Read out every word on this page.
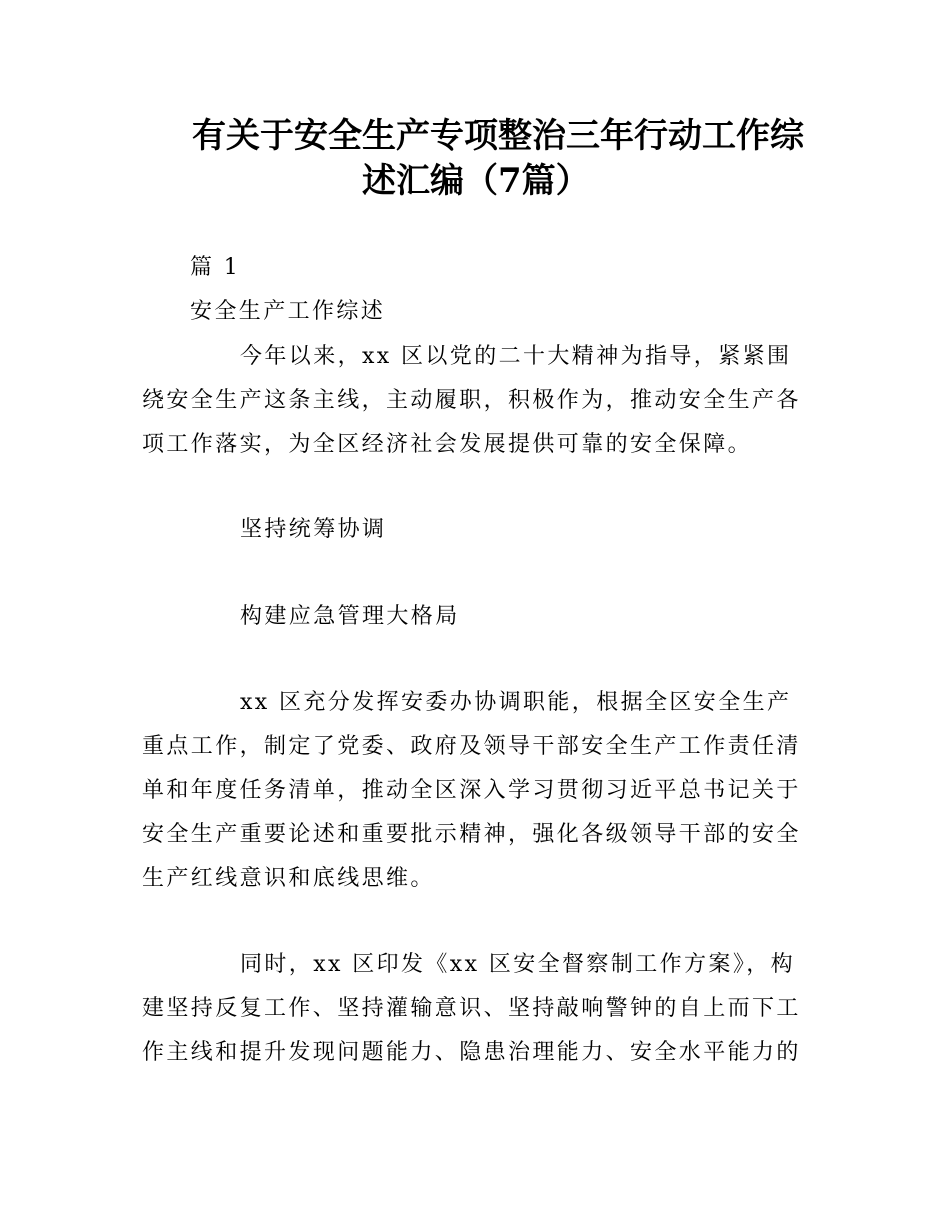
有关于安全生产专项整治三年行动工作综
述汇编（7篇）

篇 1

安全生产工作综述

今年以来，xx 区以党的二十大精神为指导，紧紧围

绕安全生产这条主线，主动履职，积极作为，推动安全生产各

项工作落实，为全区经济社会发展提供可靠的安全保障。

坚持统筹协调

构建应急管理大格局

xx 区充分发挥安委办协调职能，根据全区安全生产

重点工作，制定了党委、政府及领导干部安全生产工作责任清

单和年度任务清单，推动全区深入学习贯彻习近平总书记关于

安全生产重要论述和重要批示精神，强化各级领导干部的安全

生产红线意识和底线思维。

同时，xx 区印发《xx 区安全督察制工作方案》，构

建坚持反复工作、坚持灌输意识、坚持敲响警钟的自上而下工

作主线和提升发现问题能力、隐患治理能力、安全水平能力的
